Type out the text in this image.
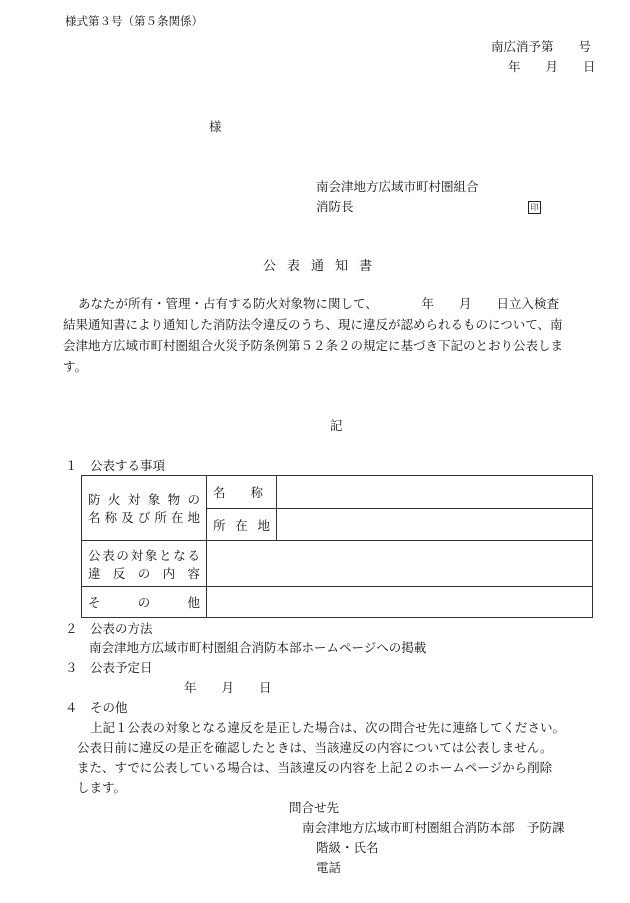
様式第３号（第５条関係）
南広消予第　　号
年　　月　　日
様
南会津地方広域市町村圏組合
消防長	印
公表通知書
あなたが所有・管理・占有する防火対象物に関して、　　　　年　　月　　日立入検査
結果通知書により通知した消防法令違反のうち、現に違反が認められるものについて、南
会津地方広域市町村圏組合火災予防条例第５２条２の規定に基づき下記のとおり公表しま
す。
記
１　公表する事項
防火対象物の
名称及び所在地	名　　称	

	所在地	

公表の対象となる
違反の内容		

その他		

２　公表の方法
南会津地方広域市町村圏組合消防本部ホームページへの掲載
３　公表予定日
年　　月　　日
４　その他
上記１公表の対象となる違反を是正した場合は、次の問合せ先に連絡してください。
公表日前に違反の是正を確認したときは、当該違反の内容については公表しません。
また、すでに公表している場合は、当該違反の内容を上記２のホームページから削除
します。
問合せ先
南会津地方広域市町村圏組合消防本部　予防課
階級・氏名
電話
